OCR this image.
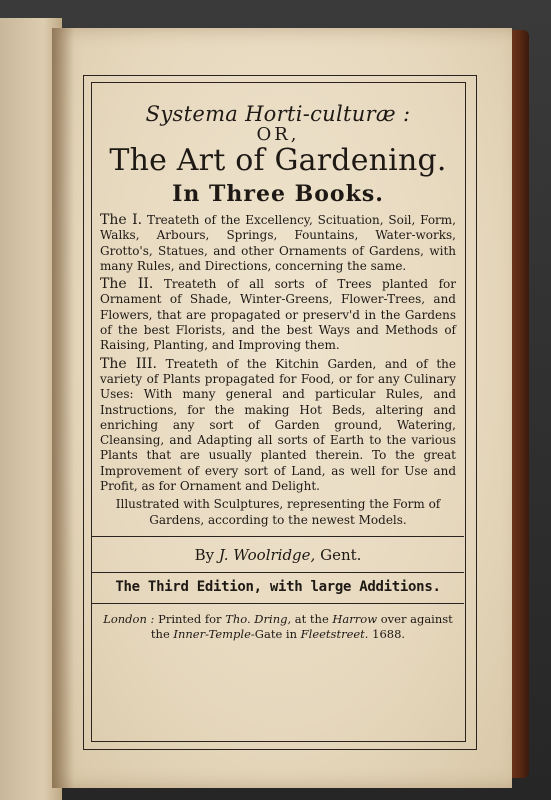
Systema Horti-culturæ :
OR,
The Art of Gardening.
In Three Books.

The I. Treateth of the Excellency, Scituation, Soil, Form, Walks, Arbours, Springs, Fountains, Water-works, Grotto's, Statues, and other Ornaments of Gardens, with many Rules, and Directions, concerning the same.

The II. Treateth of all sorts of Trees planted for Ornament of Shade, Winter-Greens, Flower-Trees, and Flowers, that are propagated or preserv'd in the Gardens of the best Florists, and the best Ways and Methods of Raising, Planting, and Improving them.

The III. Treateth of the Kitchin Garden, and of the variety of Plants propagated for Food, or for any Culinary Uses: With many general and particular Rules, and Instructions, for the making Hot Beds, altering and enriching any sort of Garden ground, Watering, Cleansing, and Adapting all sorts of Earth to the various Plants that are usually planted therein. To the great Improvement of every sort of Land, as well for Use and Profit, as for Ornament and Delight.

Illustrated with Sculptures, representing the Form of Gardens, according to the newest Models.
By J. Woolridge, Gent.
The Third Edition, with large Additions.
London : Printed for Tho. Dring, at the Harrow over against the Inner-Temple-Gate in Fleetstreet. 1688.
